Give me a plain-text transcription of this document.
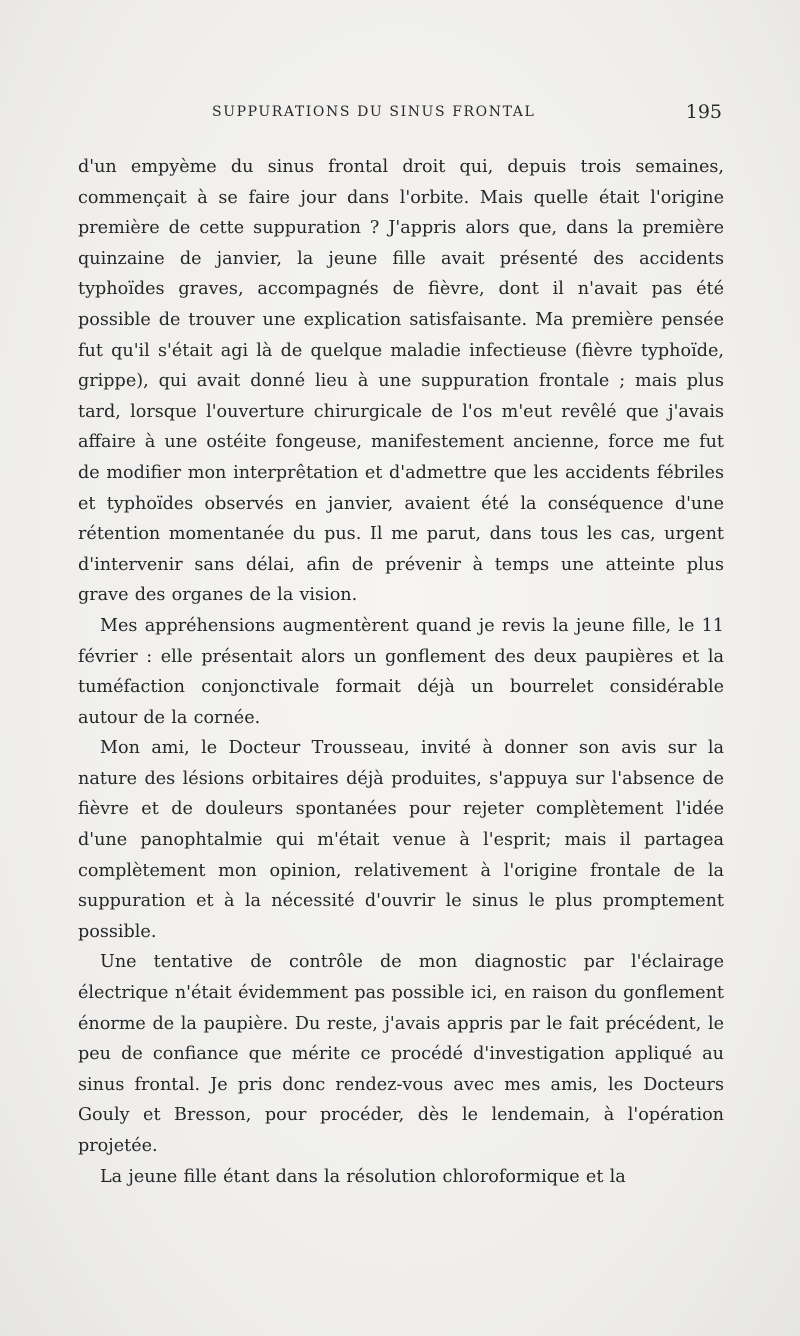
SUPPURATIONS DU SINUS FRONTAL	195

d'un empyème du sinus frontal droit qui, depuis trois semaines, commençait à se faire jour dans l'orbite. Mais quelle était l'origine première de cette suppuration ? J'appris alors que, dans la première quinzaine de janvier, la jeune fille avait présenté des accidents typhoïdes graves, accompagnés de fièvre, dont il n'avait pas été possible de trouver une explication satisfaisante. Ma première pensée fut qu'il s'était agi là de quelque maladie infectieuse (fièvre typhoïde, grippe), qui avait donné lieu à une suppuration frontale ; mais plus tard, lorsque l'ouverture chirurgicale de l'os m'eut revêlé que j'avais affaire à une ostéite fongeuse, manifestement ancienne, force me fut de modifier mon interprêtation et d'admettre que les accidents fébriles et typhoïdes observés en janvier, avaient été la conséquence d'une rétention momentanée du pus. Il me parut, dans tous les cas, urgent d'intervenir sans délai, afin de prévenir à temps une atteinte plus grave des organes de la vision.

Mes appréhensions augmentèrent quand je revis la jeune fille, le 11 février : elle présentait alors un gonflement des deux paupières et la tuméfaction conjonctivale formait déjà un bourrelet considérable autour de la cornée.

Mon ami, le Docteur Trousseau, invité à donner son avis sur la nature des lésions orbitaires déjà produites, s'appuya sur l'absence de fièvre et de douleurs spontanées pour rejeter complètement l'idée d'une panophtalmie qui m'était venue à l'esprit; mais il partagea complètement mon opinion, relativement à l'origine frontale de la suppuration et à la nécessité d'ouvrir le sinus le plus promptement possible.

Une tentative de contrôle de mon diagnostic par l'éclairage électrique n'était évidemment pas possible ici, en raison du gonflement énorme de la paupière. Du reste, j'avais appris par le fait précédent, le peu de confiance que mérite ce procédé d'investigation appliqué au sinus frontal. Je pris donc rendez-vous avec mes amis, les Docteurs Gouly et Bresson, pour procéder, dès le lendemain, à l'opération projetée.

La jeune fille étant dans la résolution chloroformique et la
